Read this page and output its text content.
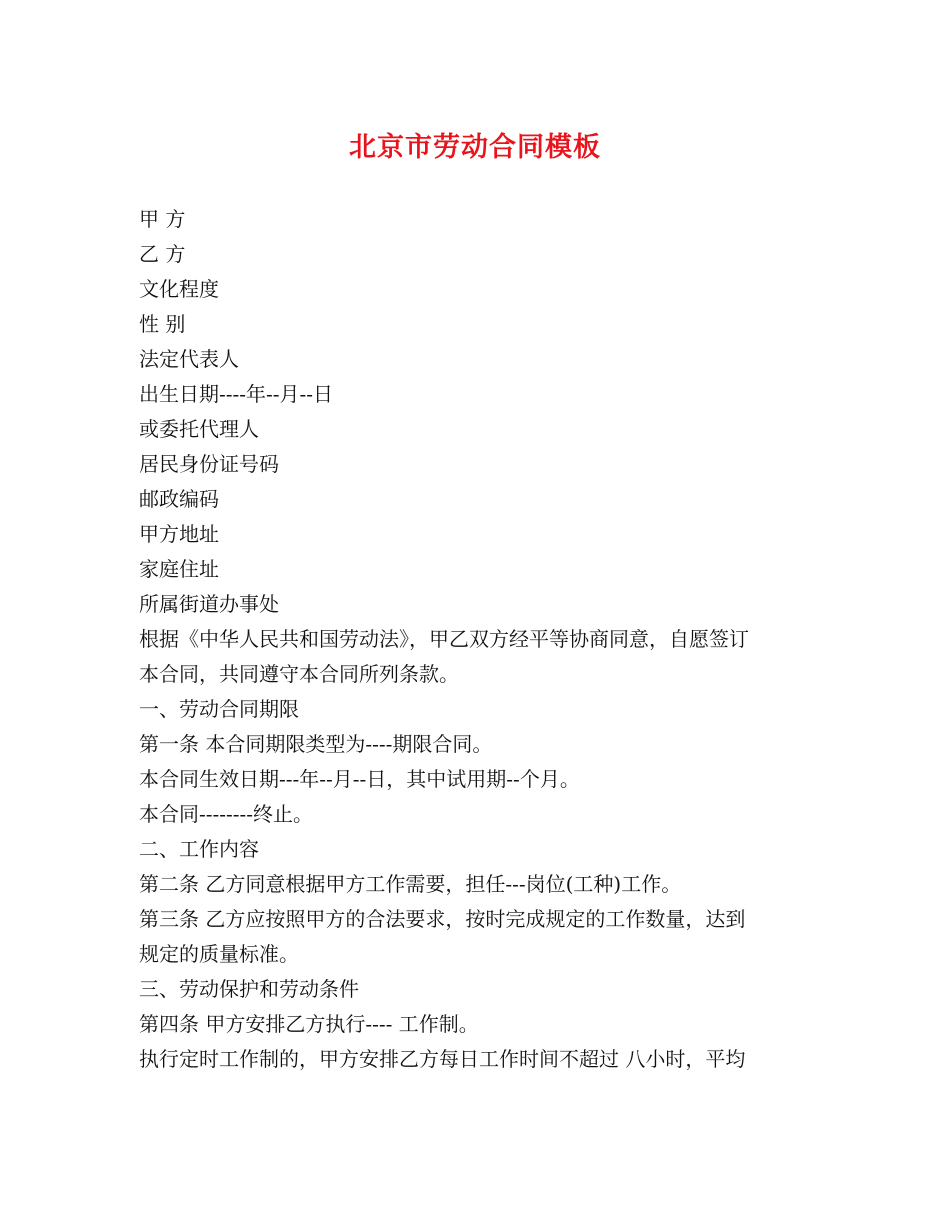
北京市劳动合同模板
甲 方
乙 方
文化程度
性 别
法定代表人
出生日期----年--月--日
或委托代理人
居民身份证号码
邮政编码
甲方地址
家庭住址
所属街道办事处
根据《中华人民共和国劳动法》，甲乙双方经平等协商同意，自愿签订
本合同，共同遵守本合同所列条款。
一、劳动合同期限
第一条 本合同期限类型为----期限合同。
本合同生效日期---年--月--日，其中试用期--个月。
本合同--------终止。
二、工作内容
第二条 乙方同意根据甲方工作需要，担任---岗位(工种)工作。
第三条 乙方应按照甲方的合法要求，按时完成规定的工作数量，达到
规定的质量标准。
三、劳动保护和劳动条件
第四条 甲方安排乙方执行---- 工作制。
执行定时工作制的，甲方安排乙方每日工作时间不超过 八小时，平均
